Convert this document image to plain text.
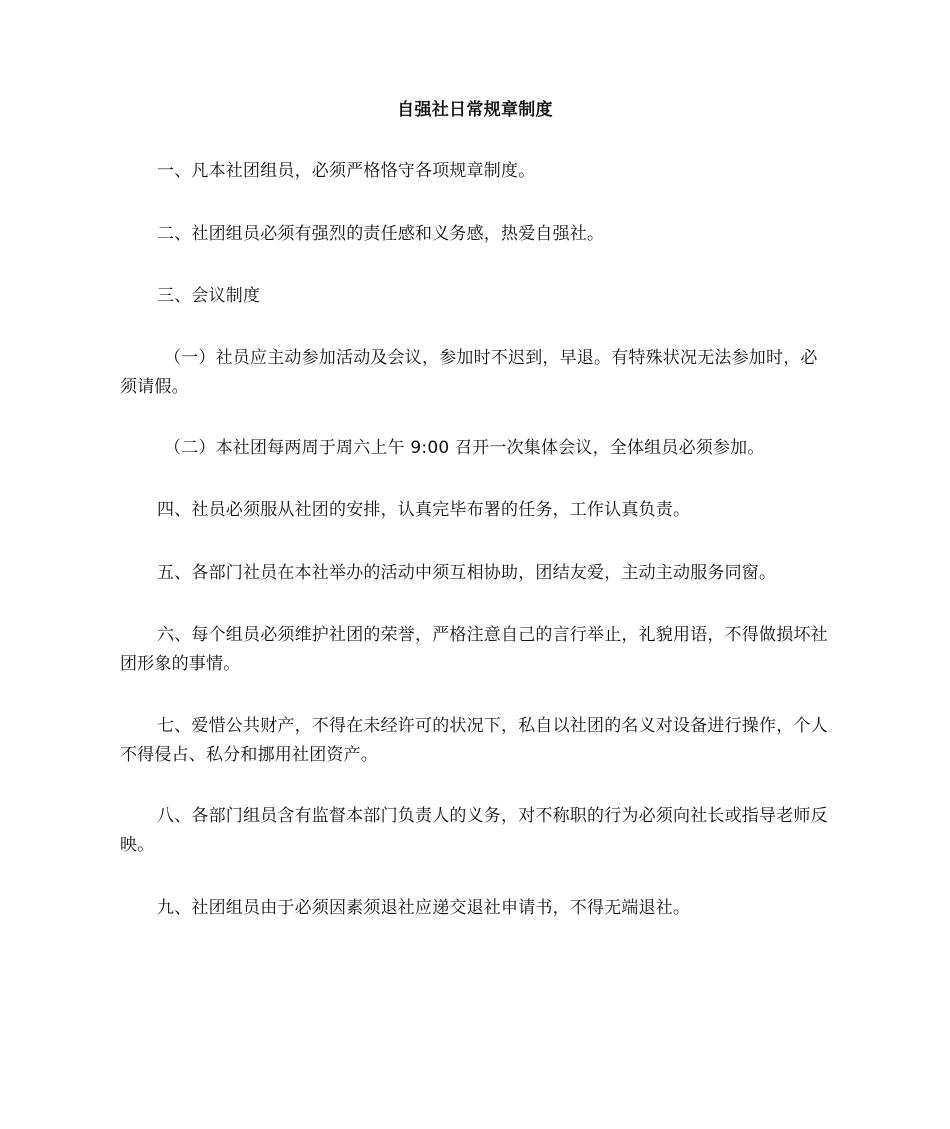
自强社日常规章制度

一、凡本社团组员，必须严格恪守各项规章制度。

二、社团组员必须有强烈的责任感和义务感，热爱自强社。

三、会议制度

（一）社员应主动参加活动及会议，参加时不迟到，早退。有特殊状况无法参加时，必须请假。

（二）本社团每两周于周六上午 9:00 召开一次集体会议，全体组员必须参加。

四、社员必须服从社团的安排，认真完毕布署的任务，工作认真负责。

五、各部门社员在本社举办的活动中须互相协助，团结友爱，主动主动服务同窗。

六、每个组员必须维护社团的荣誉，严格注意自己的言行举止，礼貌用语，不得做损坏社团形象的事情。

七、爱惜公共财产，不得在未经许可的状况下，私自以社团的名义对设备进行操作，个人不得侵占、私分和挪用社团资产。

八、各部门组员含有监督本部门负责人的义务，对不称职的行为必须向社长或指导老师反映。

九、社团组员由于必须因素须退社应递交退社申请书，不得无端退社。
